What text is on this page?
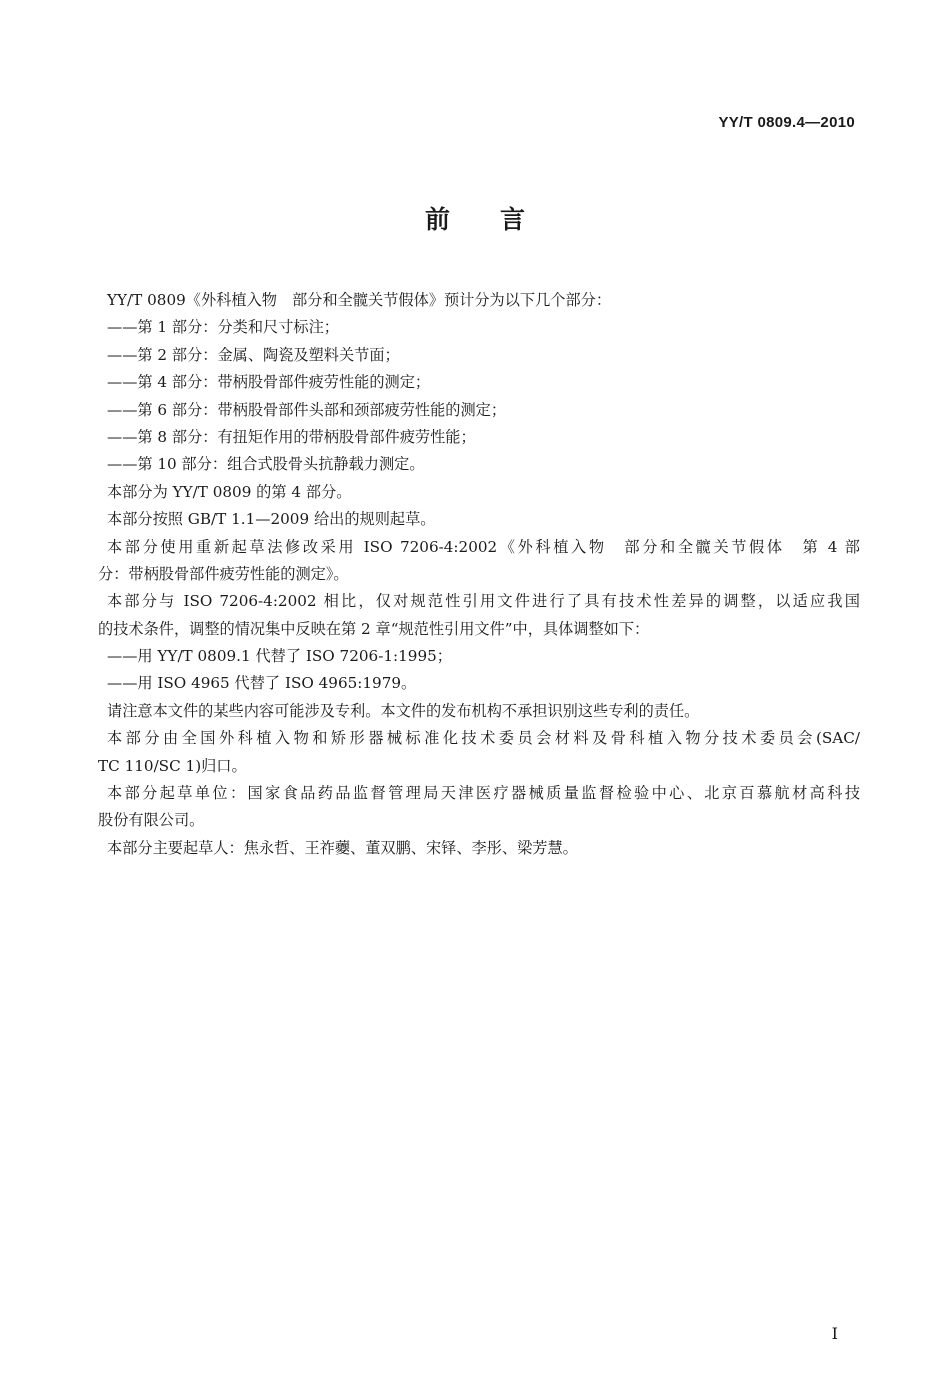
YY/T 0809.4—2010
前言
YY/T 0809《外科植入物　部分和全髋关节假体》预计分为以下几个部分：
——第 1 部分：分类和尺寸标注；
——第 2 部分：金属、陶瓷及塑料关节面；
——第 4 部分：带柄股骨部件疲劳性能的测定；
——第 6 部分：带柄股骨部件头部和颈部疲劳性能的测定；
——第 8 部分：有扭矩作用的带柄股骨部件疲劳性能；
——第 10 部分：组合式股骨头抗静载力测定。
本部分为 YY/T 0809 的第 4 部分。
本部分按照 GB/T 1.1—2009 给出的规则起草。
本部分使用重新起草法修改采用 ISO 7206-4:2002《外科植入物　部分和全髋关节假体　第 4 部
分：带柄股骨部件疲劳性能的测定》。
本部分与 ISO 7206-4:2002 相比，仅对规范性引用文件进行了具有技术性差异的调整，以适应我国
的技术条件，调整的情况集中反映在第 2 章“规范性引用文件”中，具体调整如下：
——用 YY/T 0809.1 代替了 ISO 7206-1:1995；
——用 ISO 4965 代替了 ISO 4965:1979。
请注意本文件的某些内容可能涉及专利。本文件的发布机构不承担识别这些专利的责任。
本部分由全国外科植入物和矫形器械标准化技术委员会材料及骨科植入物分技术委员会(SAC/
TC 110/SC 1)归口。
本部分起草单位：国家食品药品监督管理局天津医疗器械质量监督检验中心、北京百慕航材高科技
股份有限公司。
本部分主要起草人：焦永哲、王祚虁、董双鹏、宋铎、李彤、梁芳慧。
I
